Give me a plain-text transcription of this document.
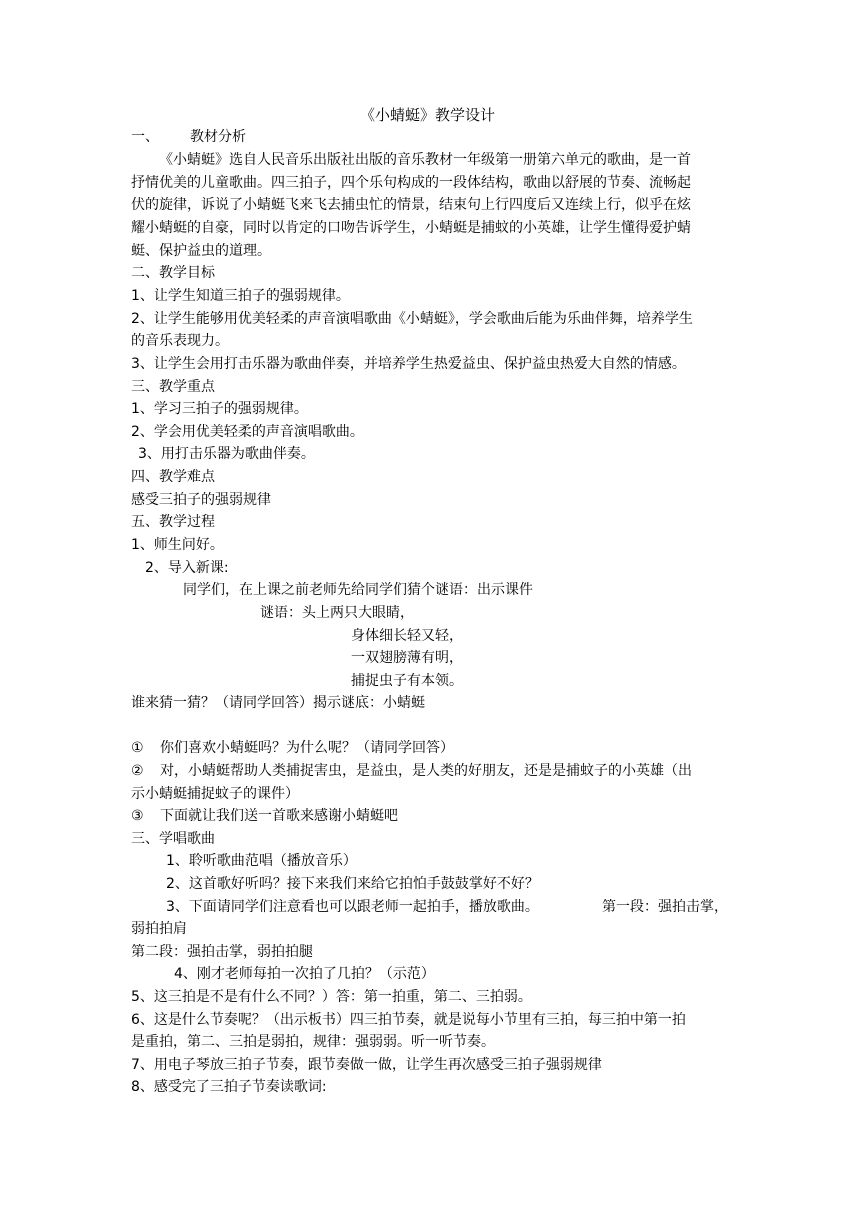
《小蜻蜓》教学设计
一、 教材分析
《小蜻蜓》选自人民音乐出版社出版的音乐教材一年级第一册第六单元的歌曲，是一首
抒情优美的儿童歌曲。四三拍子，四个乐句构成的一段体结构，歌曲以舒展的节奏、流畅起
伏的旋律，诉说了小蜻蜓飞来飞去捕虫忙的情景，结束句上行四度后又连续上行，似乎在炫
耀小蜻蜓的自豪，同时以肯定的口吻告诉学生，小蜻蜓是捕蚊的小英雄，让学生懂得爱护蜻
蜓、保护益虫的道理。
二、教学目标
1、让学生知道三拍子的强弱规律。
2、让学生能够用优美轻柔的声音演唱歌曲《小蜻蜓》，学会歌曲后能为乐曲伴舞，培养学生
的音乐表现力。
3、让学生会用打击乐器为歌曲伴奏，并培养学生热爱益虫、保护益虫热爱大自然的情感。
三、教学重点
1、学习三拍子的强弱规律。
2、学会用优美轻柔的声音演唱歌曲。
3、用打击乐器为歌曲伴奏。
四、教学难点
感受三拍子的强弱规律
五、教学过程
1、师生问好。
2、导入新课:
同学们，在上课之前老师先给同学们猜个谜语：出示课件
谜语：头上两只大眼睛，
身体细长轻又轻，
一双翅膀薄有明，
捕捉虫子有本领。
谁来猜一猜？（请同学回答）揭示谜底：小蜻蜓
① 你们喜欢小蜻蜓吗？为什么呢？（请同学回答）
② 对，小蜻蜓帮助人类捕捉害虫，是益虫，是人类的好朋友，还是是捕蚊子的小英雄（出
示小蜻蜓捕捉蚊子的课件）
③ 下面就让我们送一首歌来感谢小蜻蜓吧
三、学唱歌曲
1、聆听歌曲范唱（播放音乐）
2、这首歌好听吗？接下来我们来给它拍怕手鼓鼓掌好不好？
3、下面请同学们注意看也可以跟老师一起拍手，播放歌曲。	第一段：强拍击掌，
弱拍拍肩
第二段：强拍击掌，弱拍拍腿
4、刚才老师每拍一次拍了几拍？（示范）
5、这三拍是不是有什么不同？）答：第一拍重，第二、三拍弱。
6、这是什么节奏呢？（出示板书）四三拍节奏，就是说每小节里有三拍，每三拍中第一拍
是重拍，第二、三拍是弱拍，规律：强弱弱。听一听节奏。
7、用电子琴放三拍子节奏，跟节奏做一做，让学生再次感受三拍子强弱规律
8、感受完了三拍子节奏读歌词:
